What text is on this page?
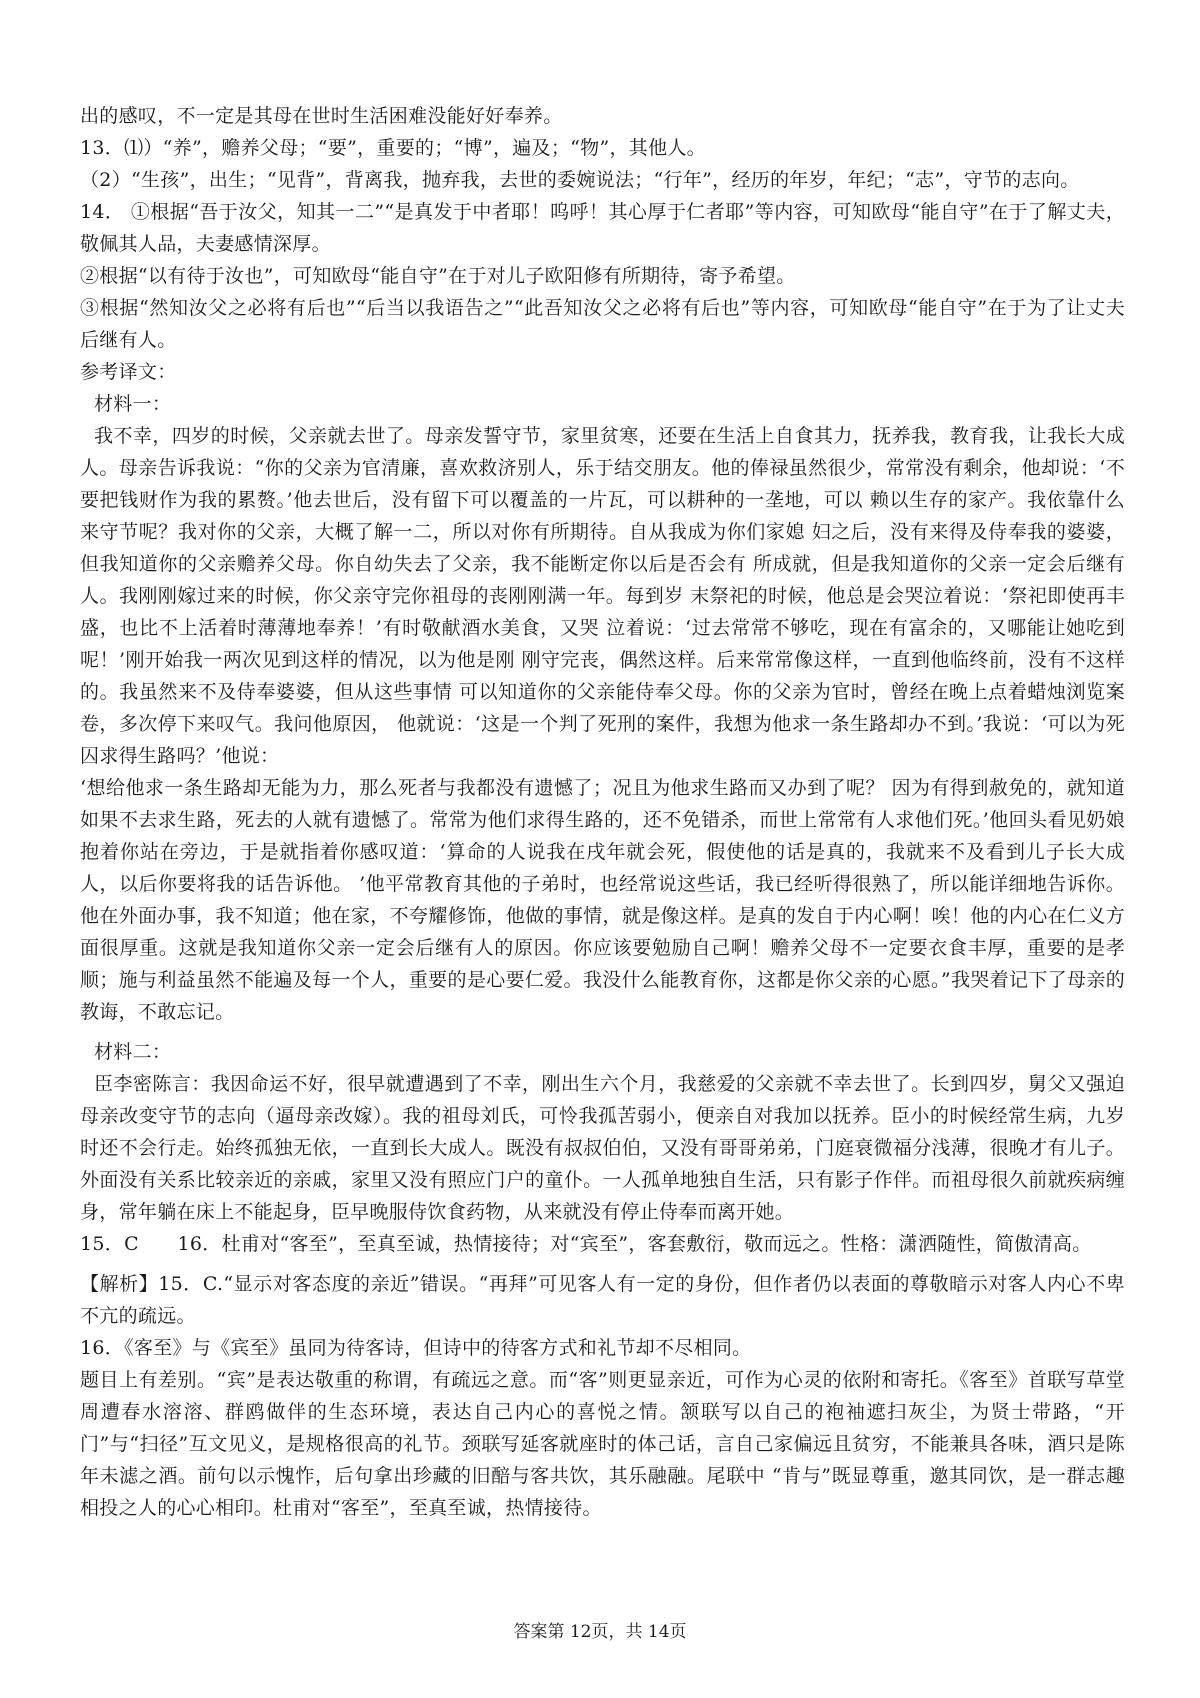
出的感叹，不一定是其母在世时生活困难没能好好奉养。

13．⑴）“养”，赡养父母；“要”，重要的；“博”，遍及；“物”，其他人。

（2）“生孩”，出生；“见背”，背离我，抛弃我，去世的委婉说法；“行年”，经历的年岁，年纪；“志”，守节的志向。

14． ①根据“吾于汝父，知其一二”“是真发于中者耶！呜呼！其心厚于仁者耶”等内容，可知欧母“能自守”在于了解丈夫，敬佩其人品，夫妻感情深厚。

②根据“以有待于汝也”，可知欧母“能自守”在于对儿子欧阳修有所期待，寄予希望。

③根据“然知汝父之必将有后也”“后当以我语告之”“此吾知汝父之必将有后也”等内容，可知欧母“能自守”在于为了让丈夫后继有人。

参考译文：

材料一：

我不幸，四岁的时候，父亲就去世了。母亲发誓守节，家里贫寒，还要在生活上自食其力，抚养我，教育我，让我长大成人。母亲告诉我说：“你的父亲为官清廉，喜欢救济别人，乐于结交朋友。他的俸禄虽然很少，常常没有剩余，他却说：‘不要把钱财作为我的累赘。’他去世后，没有留下可以覆盖的一片瓦，可以耕种的一垄地，可以 赖以生存的家产。我依靠什么来守节呢？我对你的父亲，大概了解一二，所以对你有所期待。自从我成为你们家媳 妇之后，没有来得及侍奉我的婆婆，但我知道你的父亲赡养父母。你自幼失去了父亲，我不能断定你以后是否会有 所成就，但是我知道你的父亲一定会后继有人。我刚刚嫁过来的时候，你父亲守完你祖母的丧刚刚满一年。每到岁 末祭祀的时候，他总是会哭泣着说：‘祭祀即使再丰盛，也比不上活着时薄薄地奉养！’有时敬献酒水美食，又哭 泣着说：‘过去常常不够吃，现在有富余的，又哪能让她吃到呢！’刚开始我一两次见到这样的情况，以为他是刚 刚守完丧，偶然这样。后来常常像这样，一直到他临终前，没有不这样的。我虽然来不及侍奉婆婆，但从这些事情 可以知道你的父亲能侍奉父母。你的父亲为官时，曾经在晚上点着蜡烛浏览案卷，多次停下来叹气。我问他原因， 他就说：‘这是一个判了死刑的案件，我想为他求一条生路却办不到。’我说：‘可以为死囚求得生路吗？’他说：

‘想给他求一条生路却无能为力，那么死者与我都没有遗憾了；况且为他求生路而又办到了呢？ 因为有得到赦免的，就知道如果不去求生路，死去的人就有遗憾了。常常为他们求得生路的，还不免错杀，而世上常常有人求他们死。’他回头看见奶娘抱着你站在旁边，于是就指着你感叹道：‘算命的人说我在戌年就会死，假使他的话是真的，我就来不及看到儿子长大成人，以后你要将我的话告诉他。 ’他平常教育其他的子弟时，也经常说这些话，我已经听得很熟了，所以能详细地告诉你。他在外面办事，我不知道；他在家，不夸耀修饰，他做的事情，就是像这样。是真的发自于内心啊！唉！他的内心在仁义方面很厚重。这就是我知道你父亲一定会后继有人的原因。你应该要勉励自己啊！赡养父母不一定要衣食丰厚，重要的是孝顺；施与利益虽然不能遍及每一个人，重要的是心要仁爱。我没什么能教育你，这都是你父亲的心愿。”我哭着记下了母亲的教诲，不敢忘记。

材料二：

臣李密陈言：我因命运不好，很早就遭遇到了不幸，刚出生六个月，我慈爱的父亲就不幸去世了。长到四岁，舅父又强迫母亲改变守节的志向（逼母亲改嫁）。我的祖母刘氏，可怜我孤苦弱小，便亲自对我加以抚养。臣小的时候经常生病，九岁时还不会行走。始终孤独无依，一直到长大成人。既没有叔叔伯伯，又没有哥哥弟弟，门庭衰微福分浅薄，很晚才有儿子。外面没有关系比较亲近的亲戚，家里又没有照应门户的童仆。一人孤单地独自生活，只有影子作伴。而祖母很久前就疾病缠身，常年躺在床上不能起身，臣早晚服侍饮食药物，从来就没有停止侍奉而离开她。

15．C　　16．杜甫对“客至”，至真至诚，热情接待；对“宾至”，客套敷衍，敬而远之。性格：潇洒随性，简傲清高。

【解析】15．C.“显示对客态度的亲近”错误。“再拜”可见客人有一定的身份，但作者仍以表面的尊敬暗示对客人内心不卑不亢的疏远。

16．《客至》与《宾至》虽同为待客诗，但诗中的待客方式和礼节却不尽相同。

题目上有差别。“宾”是表达敬重的称谓，有疏远之意。而“客”则更显亲近，可作为心灵的依附和寄托。《客至》首联写草堂周遭春水溶溶、群鸥做伴的生态环境，表达自己内心的喜悦之情。颔联写以自己的袍袖遮扫灰尘，为贤士带路，“开门”与“扫径”互文见义，是规格很高的礼节。颈联写延客就座时的体己话，言自己家偏远且贫穷，不能兼具各味，酒只是陈年未滤之酒。前句以示愧怍，后句拿出珍藏的旧醅与客共饮，其乐融融。尾联中 “肯与”既显尊重，邀其同饮，是一群志趣相投之人的心心相印。杜甫对“客至”，至真至诚，热情接待。

答案第 12页，共 14页
